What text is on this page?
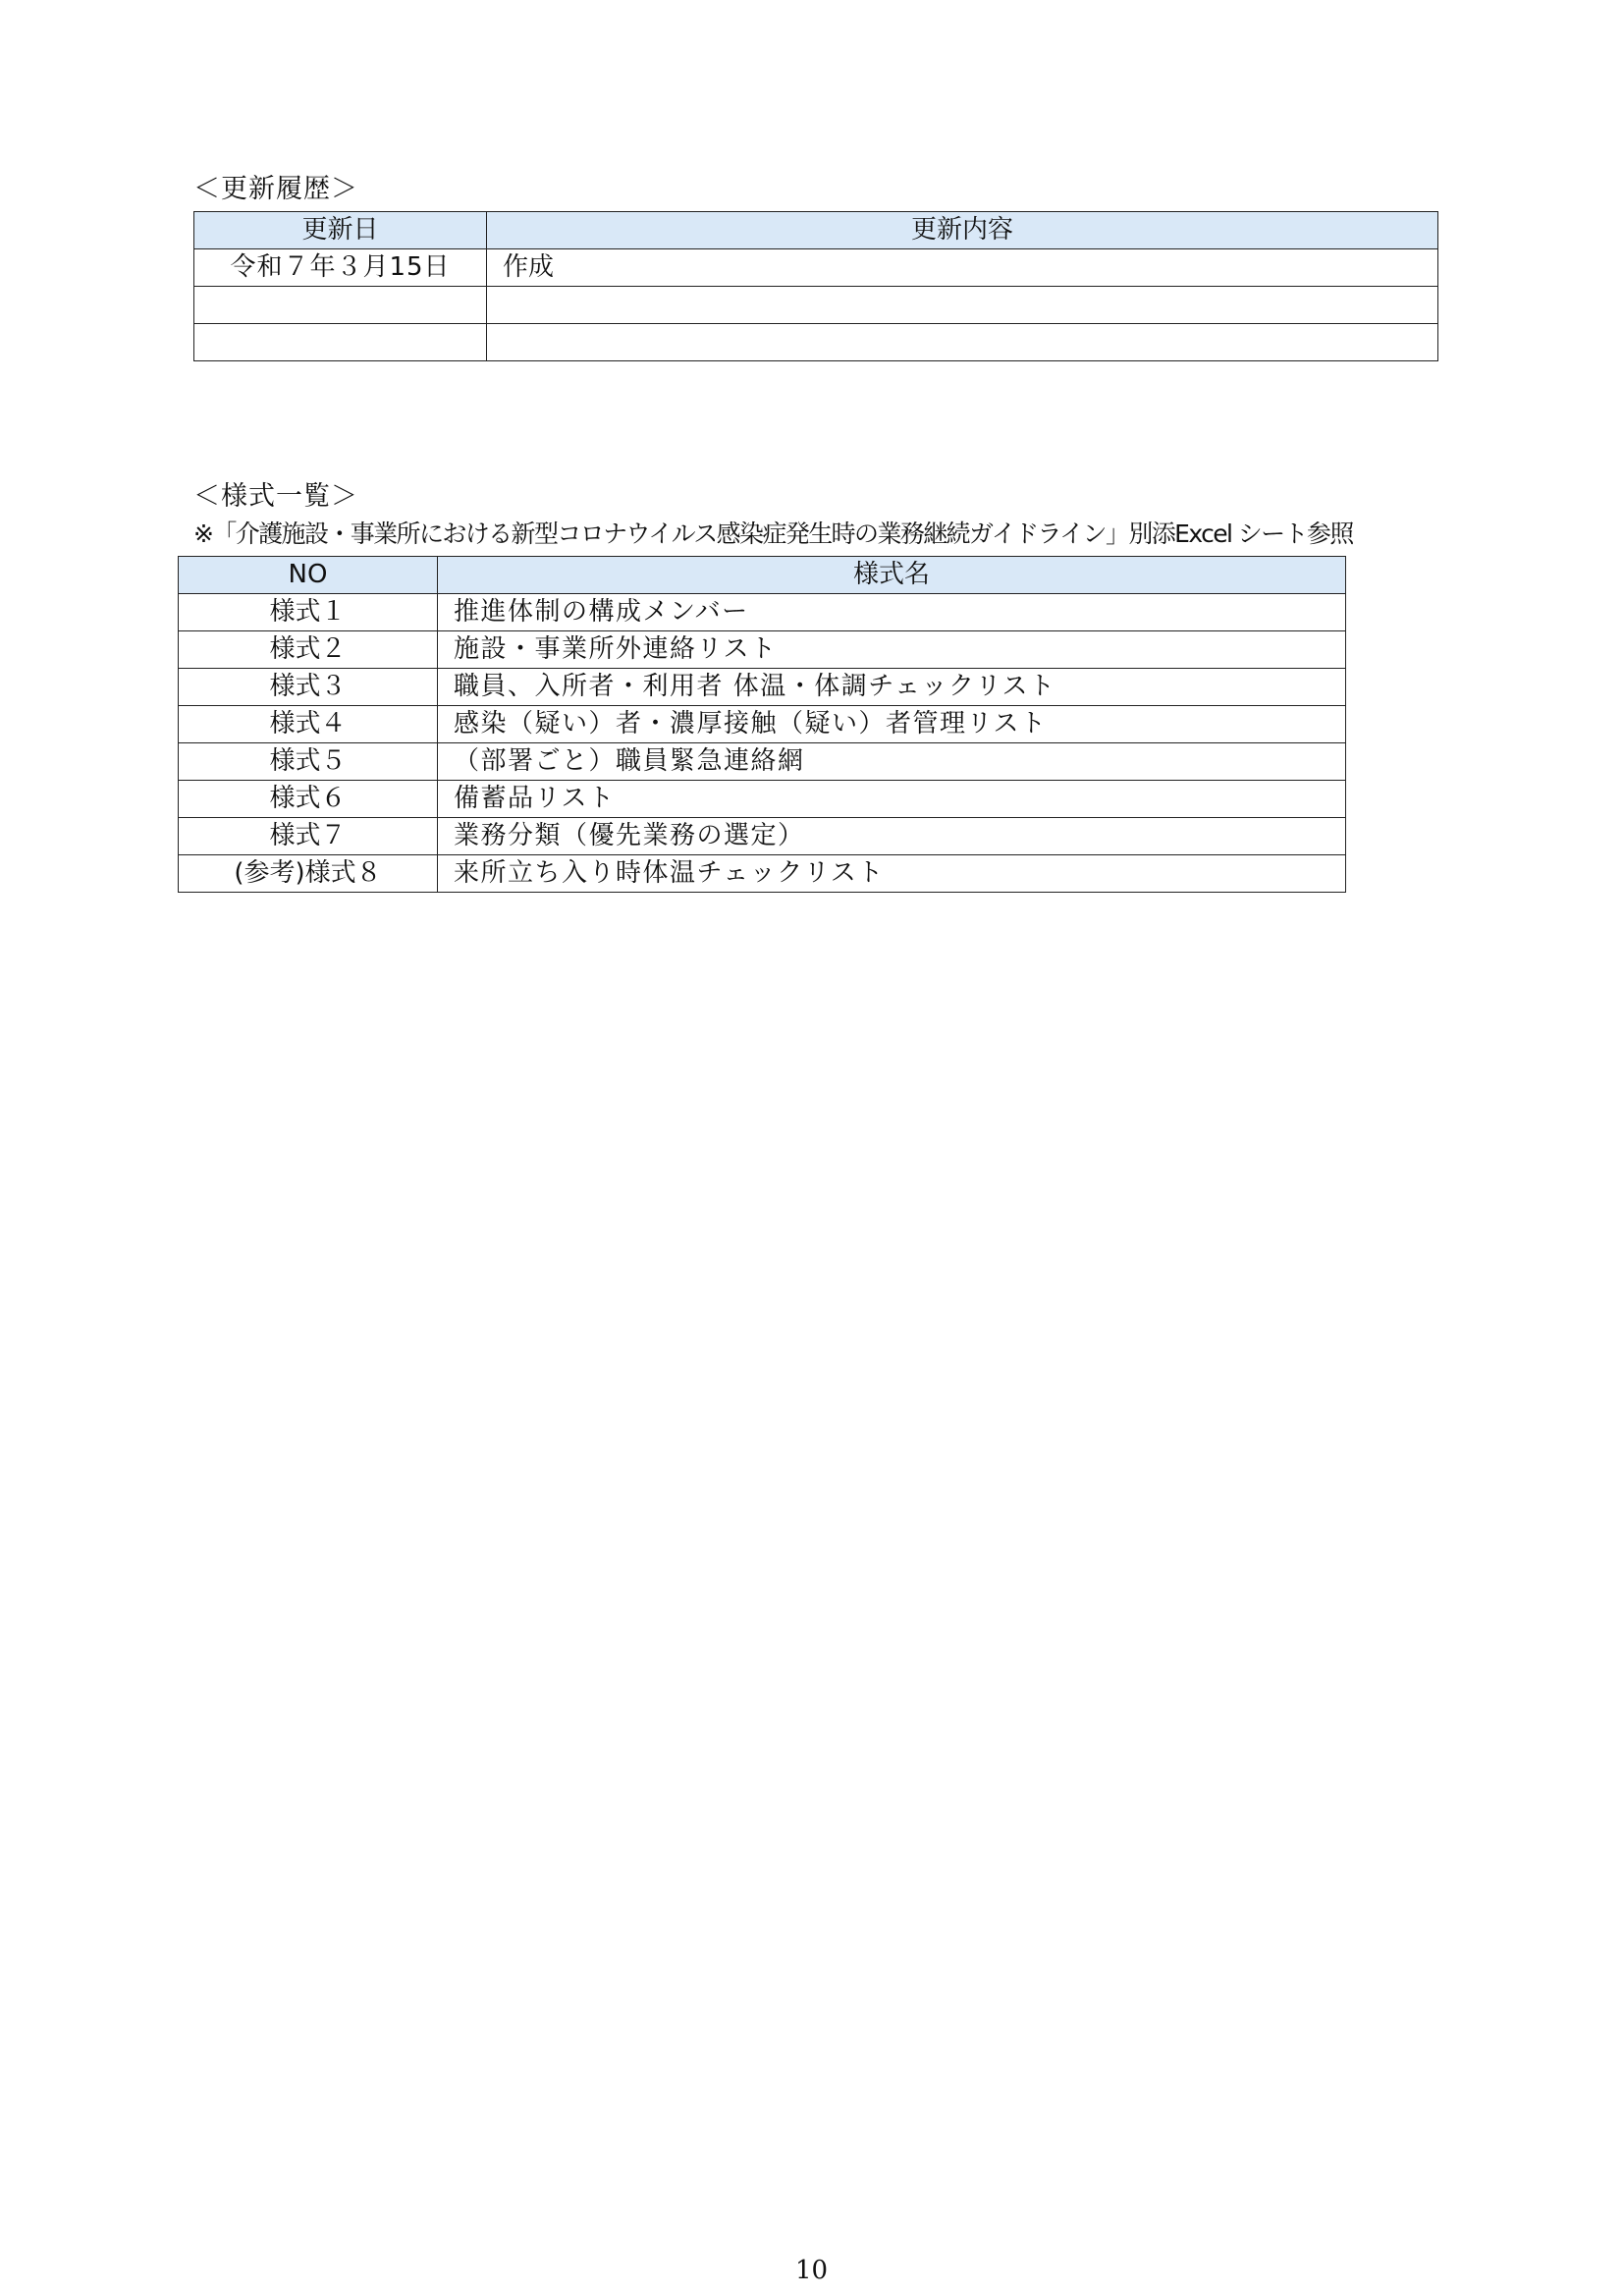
＜更新履歴＞
更新日	更新内容
令和７年３月15日	作成

＜様式一覧＞
※「介護施設・事業所における新型コロナウイルス感染症発生時の業務継続ガイドライン」別添Excel シート参照
NO	様式名
様式１	推進体制の構成メンバー
様式２	施設・事業所外連絡リスト
様式３	職員、入所者・利用者 体温・体調チェックリスト
様式４	感染（疑い）者・濃厚接触（疑い）者管理リスト
様式５	（部署ごと）職員緊急連絡網
様式６	備蓄品リスト
様式７	業務分類（優先業務の選定）
(参考)様式８	来所立ち入り時体温チェックリスト
10
